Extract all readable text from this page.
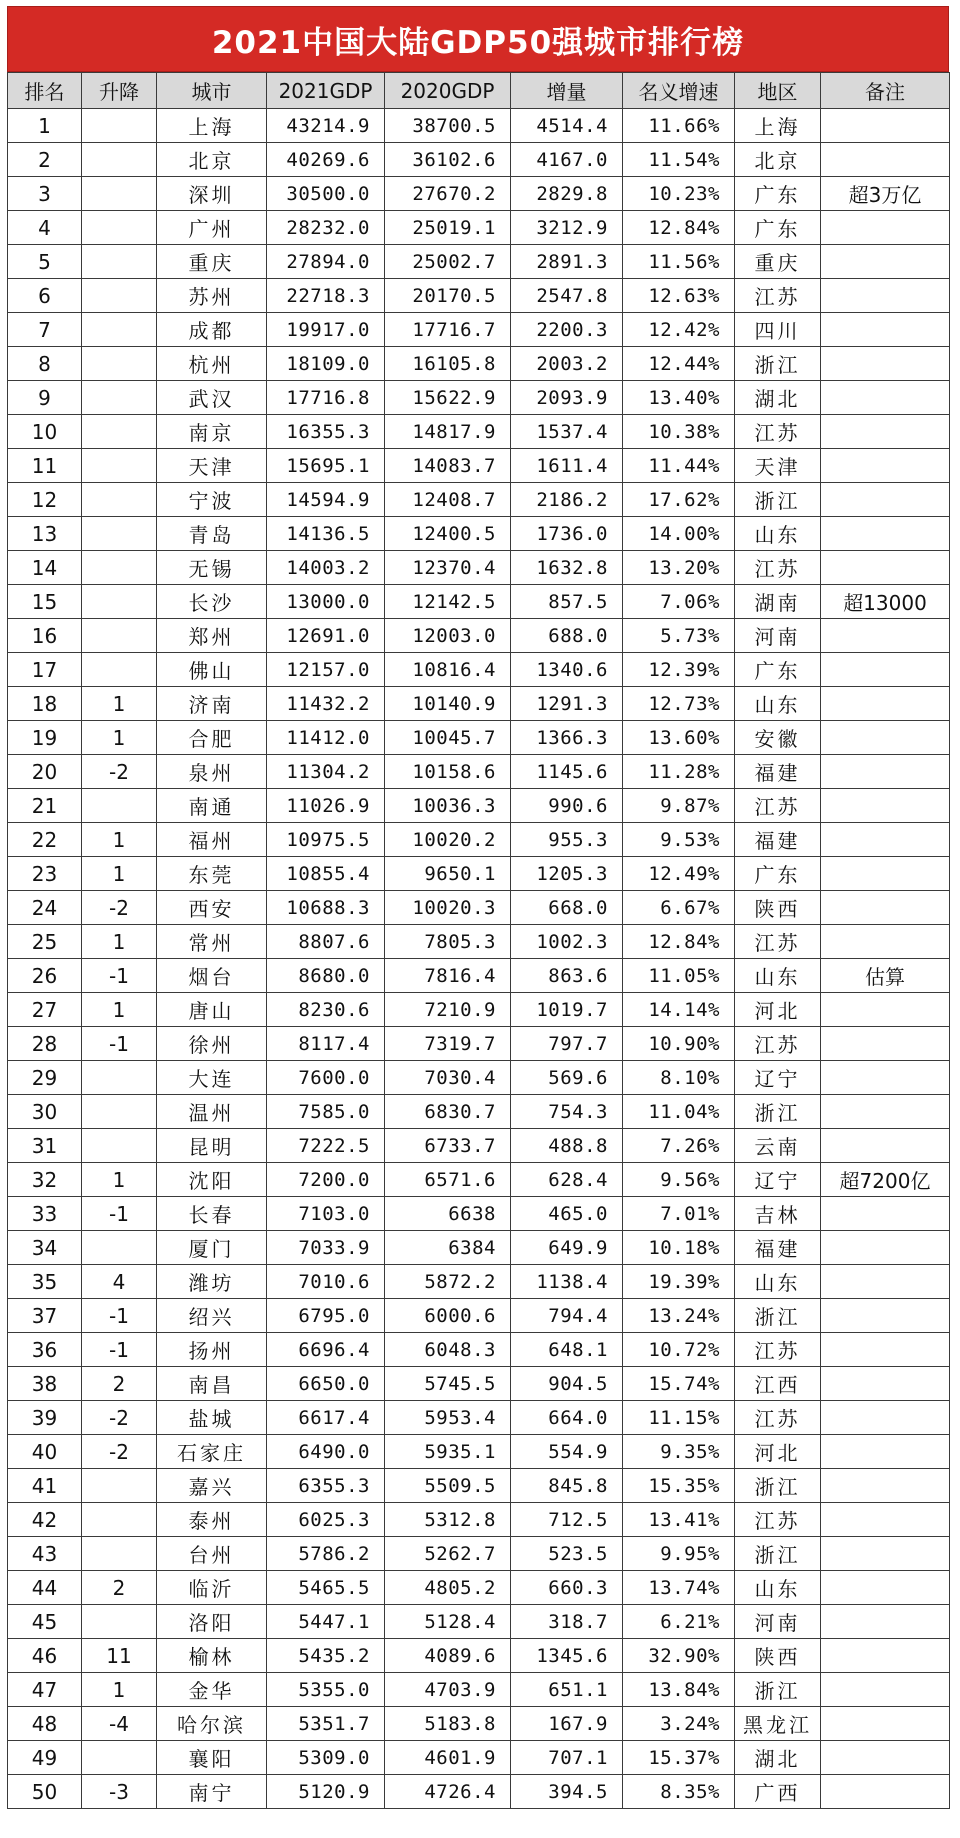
2021中国大陆GDP50强城市排行榜
排名	升降	城市	2021GDP	2020GDP	增量	名义增速	地区	备注
1		上海	43214.9	38700.5	4514.4	11.66%	上海	
2		北京	40269.6	36102.6	4167.0	11.54%	北京	
3		深圳	30500.0	27670.2	2829.8	10.23%	广东	超3万亿
4		广州	28232.0	25019.1	3212.9	12.84%	广东	
5		重庆	27894.0	25002.7	2891.3	11.56%	重庆	
6		苏州	22718.3	20170.5	2547.8	12.63%	江苏	
7		成都	19917.0	17716.7	2200.3	12.42%	四川	
8		杭州	18109.0	16105.8	2003.2	12.44%	浙江	
9		武汉	17716.8	15622.9	2093.9	13.40%	湖北	
10		南京	16355.3	14817.9	1537.4	10.38%	江苏	
11		天津	15695.1	14083.7	1611.4	11.44%	天津	
12		宁波	14594.9	12408.7	2186.2	17.62%	浙江	
13		青岛	14136.5	12400.5	1736.0	14.00%	山东	
14		无锡	14003.2	12370.4	1632.8	13.20%	江苏	
15		长沙	13000.0	12142.5	857.5	7.06%	湖南	超13000
16		郑州	12691.0	12003.0	688.0	5.73%	河南	
17		佛山	12157.0	10816.4	1340.6	12.39%	广东	
18	1	济南	11432.2	10140.9	1291.3	12.73%	山东	
19	1	合肥	11412.0	10045.7	1366.3	13.60%	安徽	
20	-2	泉州	11304.2	10158.6	1145.6	11.28%	福建	
21		南通	11026.9	10036.3	990.6	9.87%	江苏	
22	1	福州	10975.5	10020.2	955.3	9.53%	福建	
23	1	东莞	10855.4	9650.1	1205.3	12.49%	广东	
24	-2	西安	10688.3	10020.3	668.0	6.67%	陕西	
25	1	常州	8807.6	7805.3	1002.3	12.84%	江苏	
26	-1	烟台	8680.0	7816.4	863.6	11.05%	山东	估算
27	1	唐山	8230.6	7210.9	1019.7	14.14%	河北	
28	-1	徐州	8117.4	7319.7	797.7	10.90%	江苏	
29		大连	7600.0	7030.4	569.6	8.10%	辽宁	
30		温州	7585.0	6830.7	754.3	11.04%	浙江	
31		昆明	7222.5	6733.7	488.8	7.26%	云南	
32	1	沈阳	7200.0	6571.6	628.4	9.56%	辽宁	超7200亿
33	-1	长春	7103.0	6638	465.0	7.01%	吉林	
34		厦门	7033.9	6384	649.9	10.18%	福建	
35	4	潍坊	7010.6	5872.2	1138.4	19.39%	山东	
37	-1	绍兴	6795.0	6000.6	794.4	13.24%	浙江	
36	-1	扬州	6696.4	6048.3	648.1	10.72%	江苏	
38	2	南昌	6650.0	5745.5	904.5	15.74%	江西	
39	-2	盐城	6617.4	5953.4	664.0	11.15%	江苏	
40	-2	石家庄	6490.0	5935.1	554.9	9.35%	河北	
41		嘉兴	6355.3	5509.5	845.8	15.35%	浙江	
42		泰州	6025.3	5312.8	712.5	13.41%	江苏	
43		台州	5786.2	5262.7	523.5	9.95%	浙江	
44	2	临沂	5465.5	4805.2	660.3	13.74%	山东	
45		洛阳	5447.1	5128.4	318.7	6.21%	河南	
46	11	榆林	5435.2	4089.6	1345.6	32.90%	陕西	
47	1	金华	5355.0	4703.9	651.1	13.84%	浙江	
48	-4	哈尔滨	5351.7	5183.8	167.9	3.24%	黑龙江	
49		襄阳	5309.0	4601.9	707.1	15.37%	湖北	
50	-3	南宁	5120.9	4726.4	394.5	8.35%	广西	
